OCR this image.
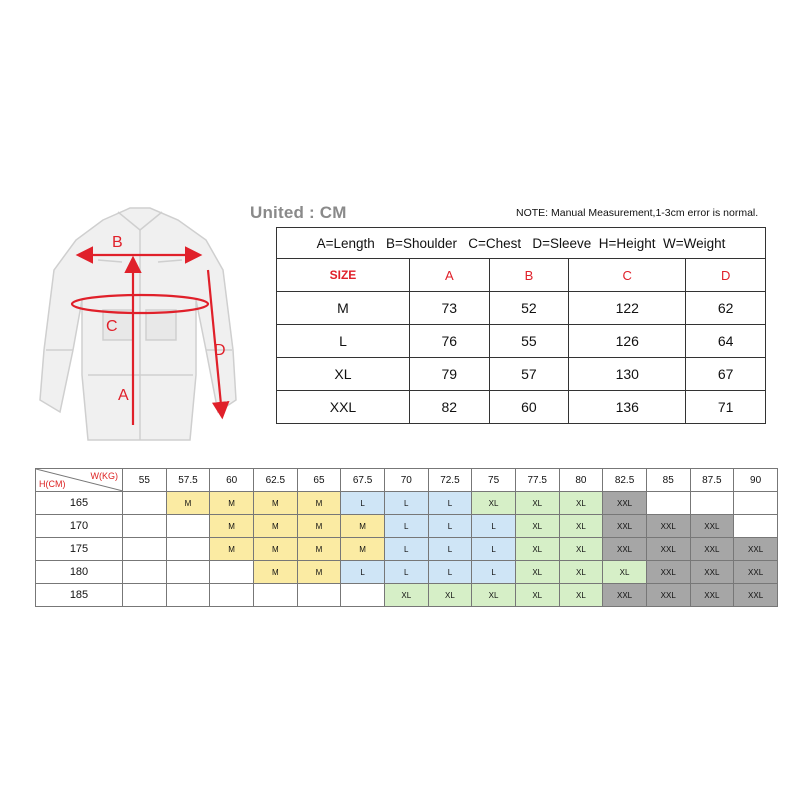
B
C
A
D
United : CM	NOTE: Manual Measurement,1-3cm error is normal.
A=Length   B=Shoulder   C=Chest   D=Sleeve  H=Height  W=Weight				
SIZE	A	B	C	D
M	73	52	122	62
L	76	55	126	64
XL	79	57	130	67
XXL	82	60	136	71
W(KG)
H(CM)	55	57.5	60	62.5	65	67.5	70	72.5	75	77.5	80	82.5	85	87.5	90
165		M	M	M	M	L	L	L	XL	XL	XL	XXL			
170			M	M	M	M	L	L	L	XL	XL	XXL	XXL	XXL	
175			M	M	M	M	L	L	L	XL	XL	XXL	XXL	XXL	XXL
180				M	M	L	L	L	L	XL	XL	XL	XXL	XXL	XXL
185							XL	XL	XL	XL	XL	XXL	XXL	XXL	XXL
